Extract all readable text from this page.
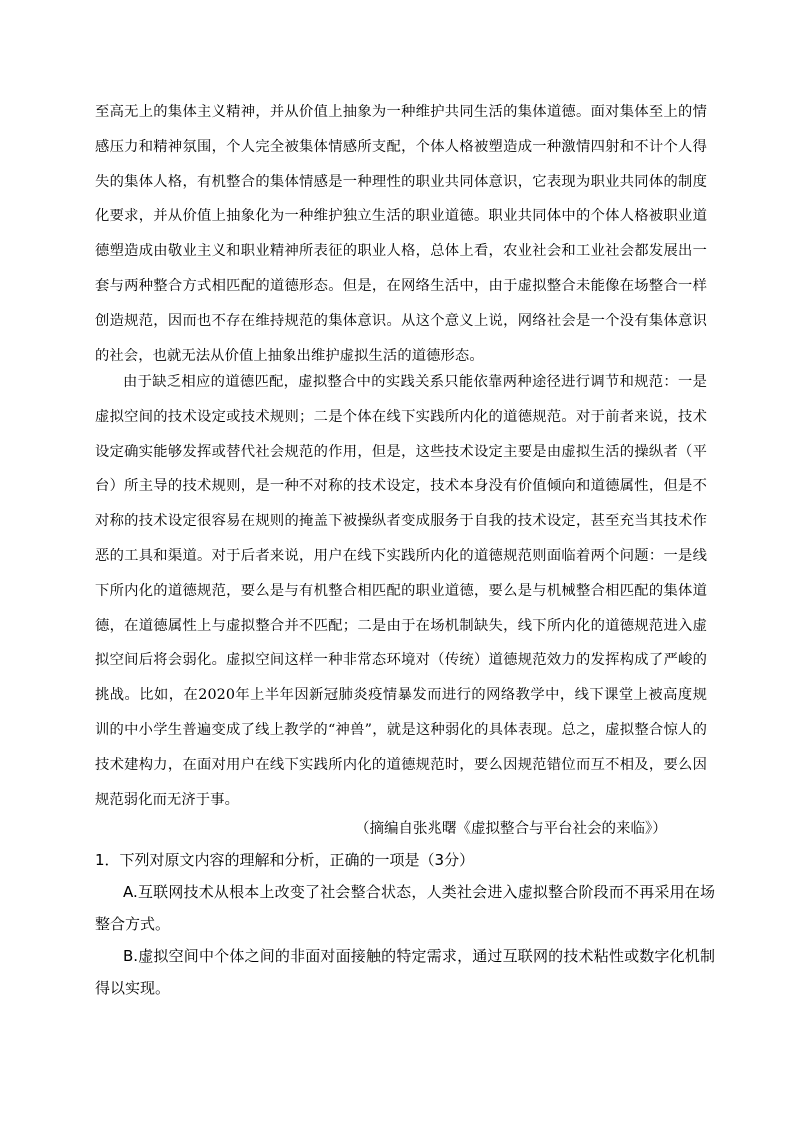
至高无上的集体主义精神，并从价值上抽象为一种维护共同生活的集体道德。面对集体至上的情感压力和精神氛围，个人完全被集体情感所支配，个体人格被塑造成一种激情四射和不计个人得失的集体人格，有机整合的集体情感是一种理性的职业共同体意识，它表现为职业共同体的制度化要求，并从价值上抽象化为一种维护独立生活的职业道德。职业共同体中的个体人格被职业道德塑造成由敬业主义和职业精神所表征的职业人格，总体上看，农业社会和工业社会都发展出一套与两种整合方式相匹配的道德形态。但是，在网络生活中，由于虚拟整合未能像在场整合一样创造规范，因而也不存在维持规范的集体意识。从这个意义上说，网络社会是一个没有集体意识的社会，也就无法从价值上抽象出维护虚拟生活的道德形态。

由于缺乏相应的道德匹配，虚拟整合中的实践关系只能依靠两种途径进行调节和规范：一是虚拟空间的技术设定或技术规则；二是个体在线下实践所内化的道德规范。对于前者来说，技术设定确实能够发挥或替代社会规范的作用，但是，这些技术设定主要是由虚拟生活的操纵者（平台）所主导的技术规则，是一种不对称的技术设定，技术本身没有价值倾向和道德属性，但是不对称的技术设定很容易在规则的掩盖下被操纵者变成服务于自我的技术设定，甚至充当其技术作恶的工具和渠道。对于后者来说，用户在线下实践所内化的道德规范则面临着两个问题：一是线下所内化的道德规范，要么是与有机整合相匹配的职业道德，要么是与机械整合相匹配的集体道德，在道德属性上与虚拟整合并不匹配；二是由于在场机制缺失，线下所内化的道德规范进入虚拟空间后将会弱化。虚拟空间这样一种非常态环境对（传统）道德规范效力的发挥构成了严峻的挑战。比如，在2020年上半年因新冠肺炎疫情暴发而进行的网络教学中，线下课堂上被高度规训的中小学生普遍变成了线上教学的“神兽”，就是这种弱化的具体表现。总之，虚拟整合惊人的技术建构力，在面对用户在线下实践所内化的道德规范时，要么因规范错位而互不相及，要么因规范弱化而无济于事。

（摘编自张兆曙《虚拟整合与平台社会的来临》）
1．下列对原文内容的理解和分析，正确的一项是（3分）

A.互联网技术从根本上改变了社会整合状态，人类社会进入虚拟整合阶段而不再采用在场整合方式。

B.虚拟空间中个体之间的非面对面接触的特定需求，通过互联网的技术粘性或数字化机制得以实现。
